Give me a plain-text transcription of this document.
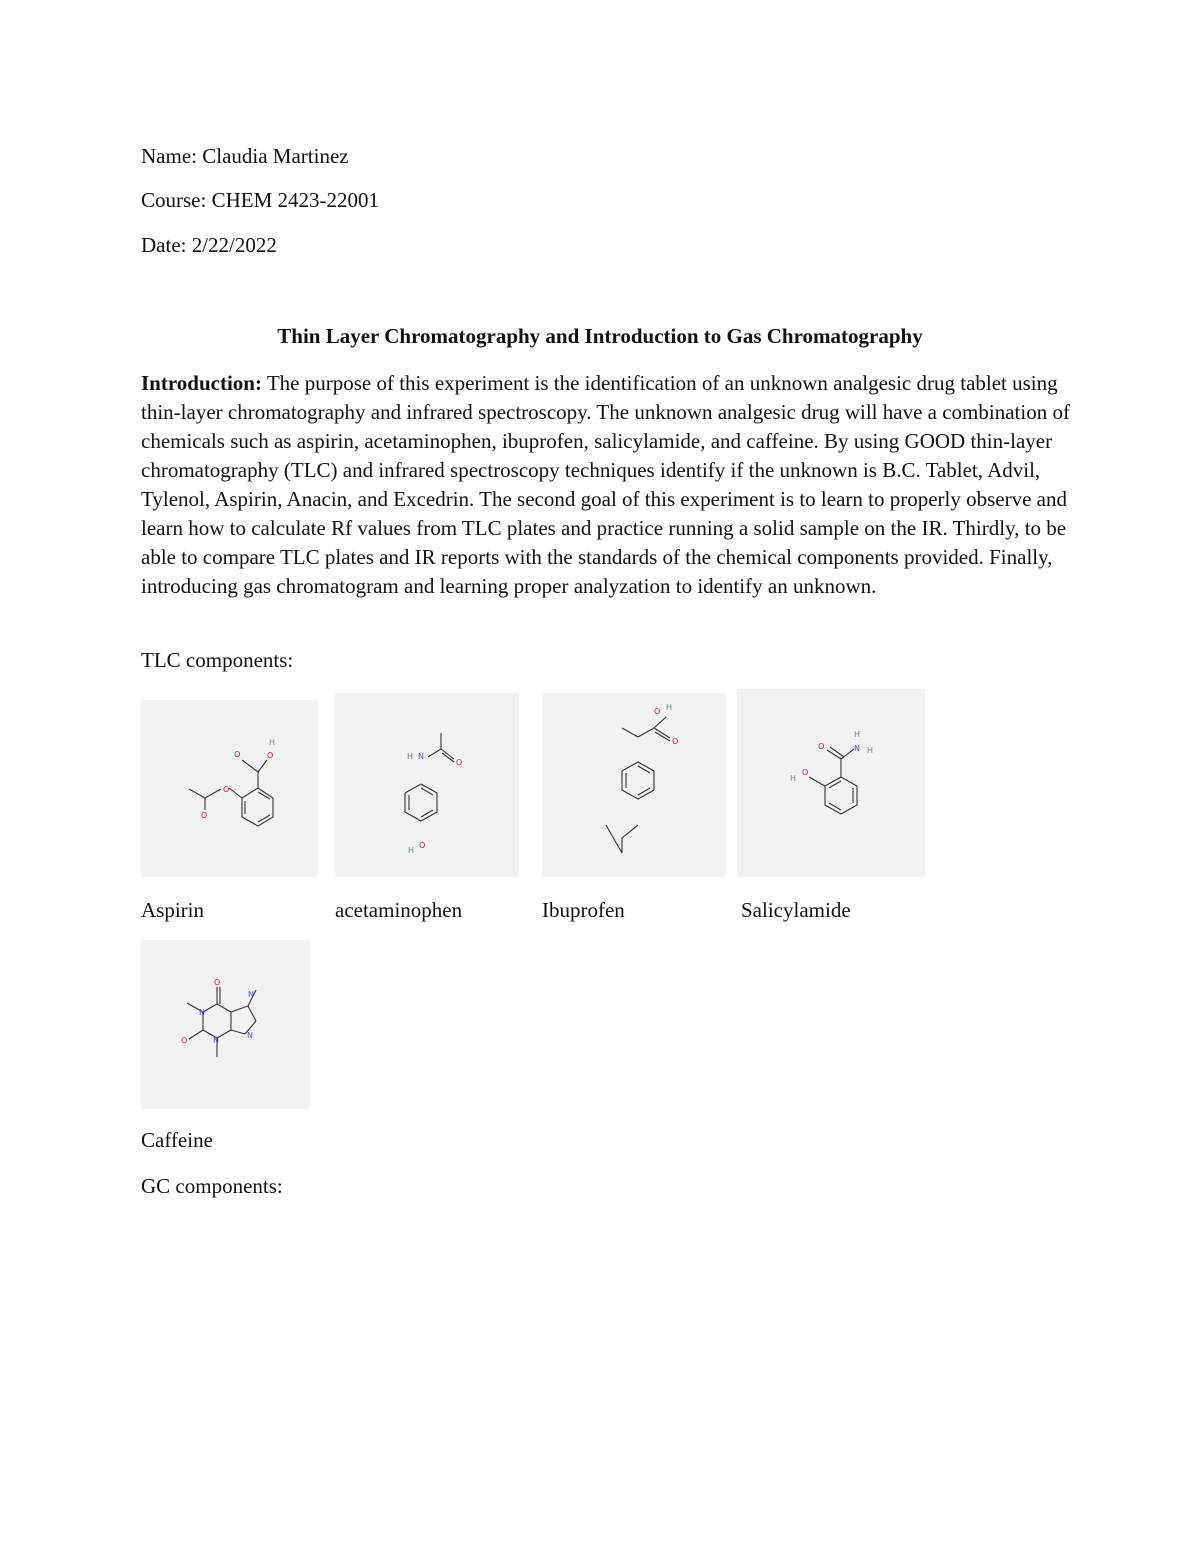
Name: Claudia Martinez
Course: CHEM 2423-22001
Date: 2/22/2022
Thin Layer Chromatography and Introduction to Gas Chromatography
Introduction: The purpose of this experiment is the identification of an unknown analgesic drug tablet using thin-layer chromatography and infrared spectroscopy. The unknown analgesic drug will have a combination of chemicals such as aspirin, acetaminophen, ibuprofen, salicylamide, and caffeine. By using GOOD thin-layer chromatography (TLC) and infrared spectroscopy techniques identify if the unknown is B.C. Tablet, Advil, Tylenol, Aspirin, Anacin, and Excedrin. The second goal of this experiment is to learn to properly observe and learn how to calculate Rf values from TLC plates and practice running a solid sample on the IR. Thirdly, to be able to compare TLC plates and IR reports with the standards of the chemical components provided. Finally, introducing gas chromatogram and learning proper analyzation to identify an unknown.
TLC components:
O
O
O	O
H
H N
O
H
O
O H
O
O	N
H
H
H
O
Aspirin	acetaminophen	Ibuprofen	Salicylamide
O
N
N
N
O	N
Caffeine
GC components:
